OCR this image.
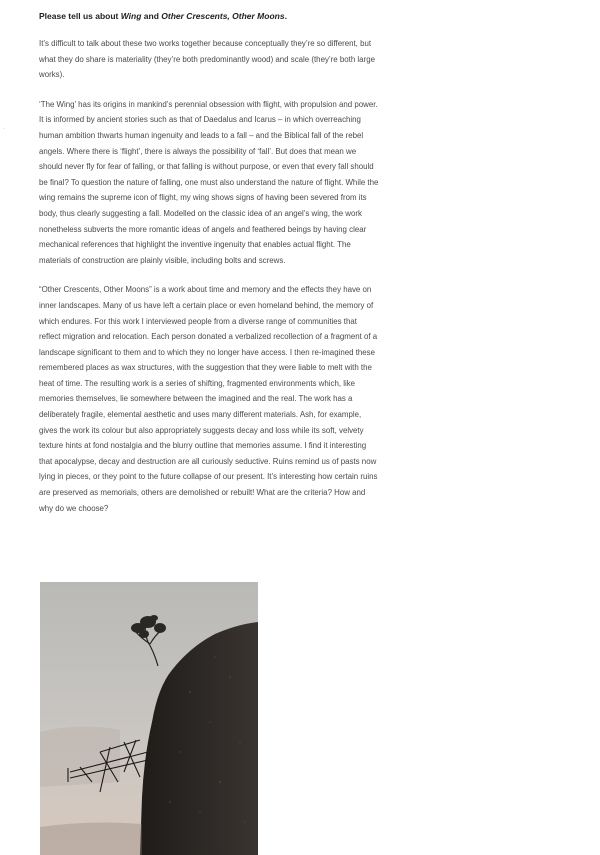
·

Please tell us about Wing and Other Crescents, Other Moons.

It’s difficult to talk about these two works together because conceptually they’re so different, but what they do share is materiality (they’re both predominantly wood) and scale (they’re both large works).

‘The Wing’ has its origins in mankind’s perennial obsession with flight, with propulsion and power. It is informed by ancient stories such as that of Daedalus and Icarus – in which overreaching human ambition thwarts human ingenuity and leads to a fall – and the Biblical fall of the rebel angels. Where there is ‘flight’, there is always the possibility of ‘fall’. But does that mean we should never fly for fear of falling, or that falling is without purpose, or even that every fall should be final? To question the nature of falling, one must also understand the nature of flight. While the wing remains the supreme icon of flight, my wing shows signs of having been severed from its body, thus clearly suggesting a fall. Modelled on the classic idea of an angel’s wing, the work nonetheless subverts the more romantic ideas of angels and feathered beings by having clear mechanical references that highlight the inventive ingenuity that enables actual flight. The materials of construction are plainly visible, including bolts and screws.

“Other Crescents, Other Moons” is a work about time and memory and the effects they have on inner landscapes. Many of us have left a certain place or even homeland behind, the memory of which endures. For this work I interviewed people from a diverse range of communities that reflect migration and relocation. Each person donated a verbalized recollection of a fragment of a landscape significant to them and to which they no longer have access. I then re-imagined these remembered places as wax structures, with the suggestion that they were liable to melt with the heat of time. The resulting work is a series of shifting, fragmented environments which, like memories themselves, lie somewhere between the imagined and the real. The work has a deliberately fragile, elemental aesthetic and uses many different materials. Ash, for example, gives the work its colour but also appropriately suggests decay and loss while its soft, velvety texture hints at fond nostalgia and the blurry outline that memories assume. I find it interesting that apocalypse, decay and destruction are all curiously seductive. Ruins remind us of pasts now lying in pieces, or they point to the future collapse of our present. It’s interesting how certain ruins are preserved as memorials, others are demolished or rebuilt! What are the criteria? How and why do we choose?
